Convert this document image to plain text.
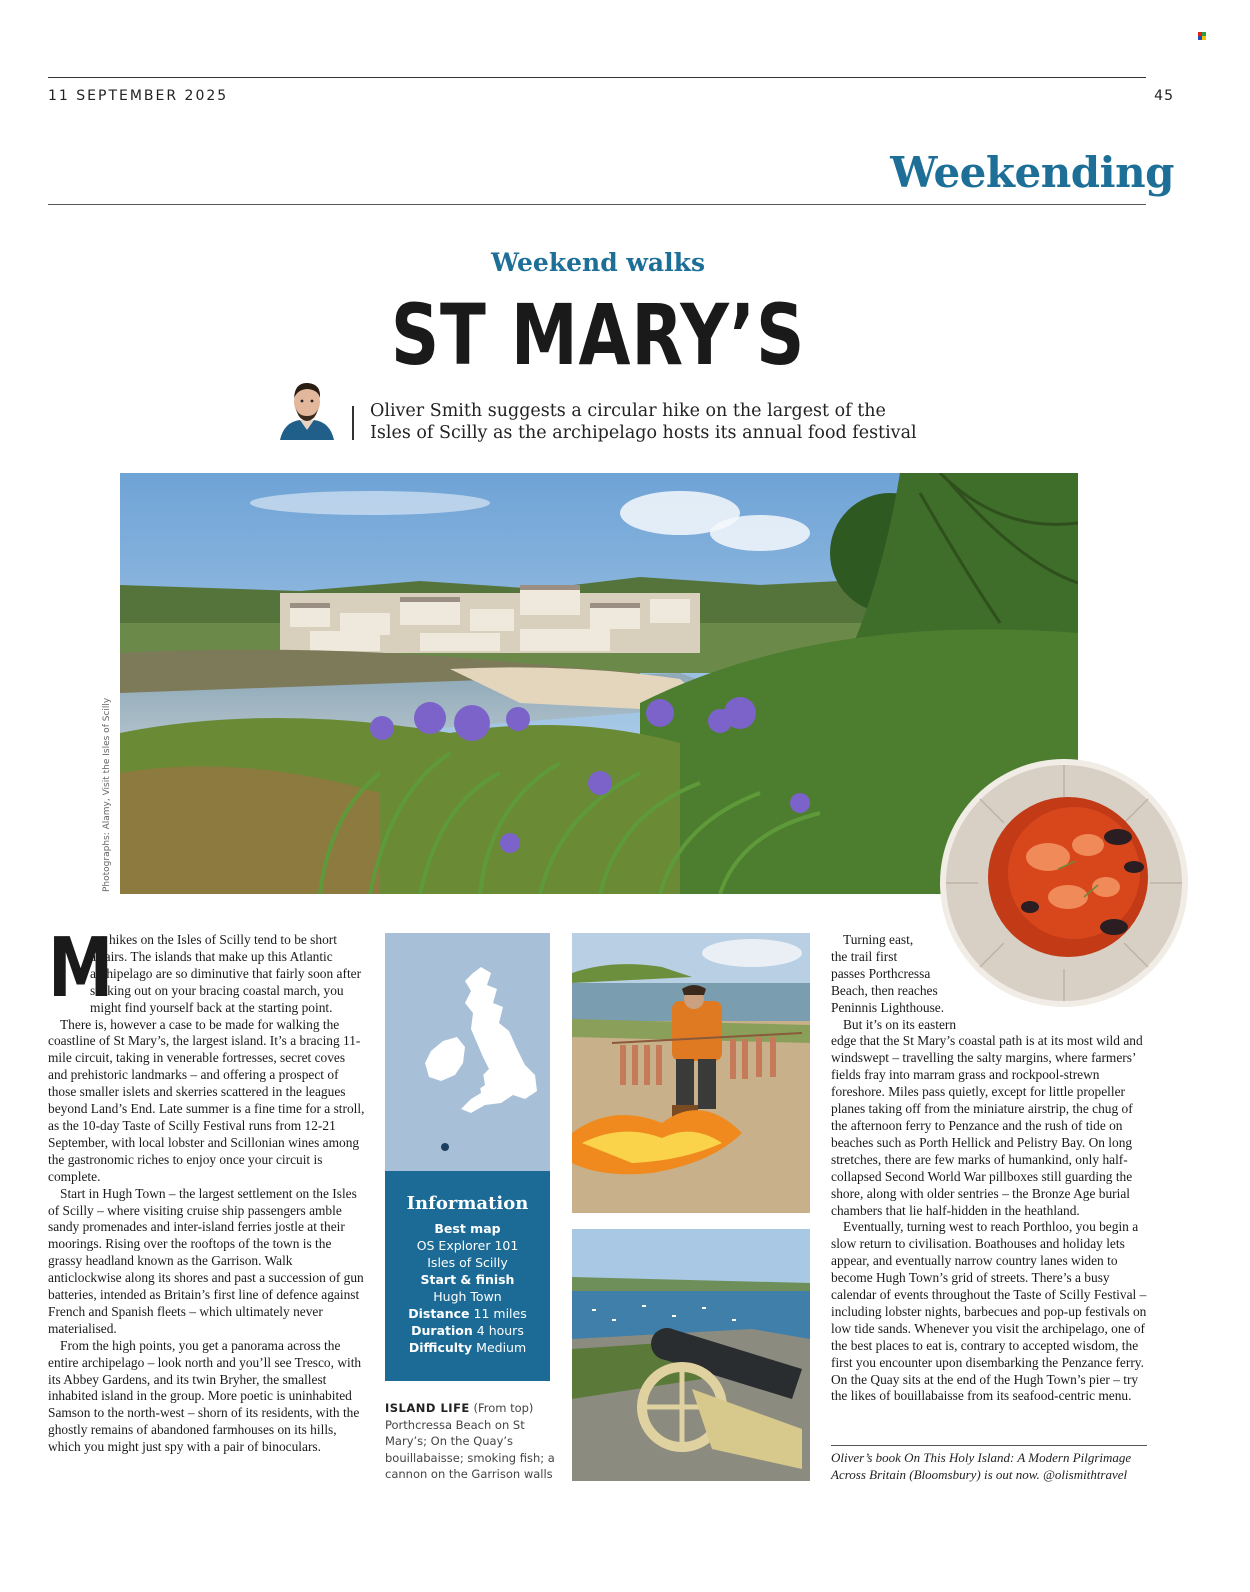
11 SEPTEMBER 2025	45
Weekending
Weekend walks
ST MARY’S
Oliver Smith suggests a circular hike on the largest of the
Isles of Scilly as the archipelago hosts its annual food festival
Photographs: Alamy, Visit the Isles of Scilly
M

ost hikes on the Isles of Scilly tend to be short affairs. The islands that make up this Atlantic archipelago are so diminutive that fairly soon after striking out on your bracing coastal march, you might find yourself back at the starting point.

There is, however a case to be made for walking the coastline of St Mary’s, the largest island. It’s a bracing 11-mile circuit, taking in venerable fortresses, secret coves and prehistoric landmarks – and offering a prospect of those smaller islets and skerries scattered in the leagues beyond Land’s End. Late summer is a fine time for a stroll, as the 10-day Taste of Scilly Festival runs from 12-21 September, with local lobster and Scillonian wines among the gastronomic riches to enjoy once your circuit is complete.

Start in Hugh Town – the largest settlement on the Isles of Scilly – where visiting cruise ship passengers amble sandy promenades and inter-island ferries jostle at their moorings. Rising over the rooftops of the town is the grassy headland known as the Garrison. Walk anticlockwise along its shores and past a succession of gun batteries, intended as Britain’s first line of defence against French and Spanish fleets – which ultimately never materialised.

From the high points, you get a panorama across the entire archipelago – look north and you’ll see Tresco, with its Abbey Gardens, and its twin Bryher, the smallest inhabited island in the group. More poetic is uninhabited Samson to the north-west – shorn of its residents, with the ghostly remains of abandoned farmhouses on its hills, which you might just spy with a pair of binoculars.

Information
Best map
OS Explorer 101
Isles of Scilly
Start & finish
Hugh Town
Distance 11 miles
Duration 4 hours
Difficulty Medium
ISLAND LIFE (From top) Porthcressa Beach on St Mary’s; On the Quay’s bouillabaisse; smoking fish; a cannon on the Garrison walls
Turning east,
the trail first
passes Porthcressa
Beach, then reaches
Peninnis Lighthouse.
But it’s on its eastern

edge that the St Mary’s coastal path is at its most wild and windswept – travelling the salty margins, where farmers’ fields fray into marram grass and rockpool-strewn foreshore. Miles pass quietly, except for little propeller planes taking off from the miniature airstrip, the chug of the afternoon ferry to Penzance and the rush of tide on beaches such as Porth Hellick and Pelistry Bay. On long stretches, there are few marks of humankind, only half-collapsed Second World War pillboxes still guarding the shore, along with older sentries – the Bronze Age burial chambers that lie half-hidden in the heathland.

Eventually, turning west to reach Porthloo, you begin a slow return to civilisation. Boathouses and holiday lets appear, and eventually narrow country lanes widen to become Hugh Town’s grid of streets. There’s a busy calendar of events throughout the Taste of Scilly Festival – including lobster nights, barbecues and pop-up festivals on low tide sands. Whenever you visit the archipelago, one of the best places to eat is, contrary to accepted wisdom, the first you encounter upon disembarking the Penzance ferry. On the Quay sits at the end of the Hugh Town’s pier – try the likes of bouillabaisse from its seafood-centric menu.

Oliver’s book On This Holy Island: A Modern Pilgrimage Across Britain (Bloomsbury) is out now. @olismithtravel
